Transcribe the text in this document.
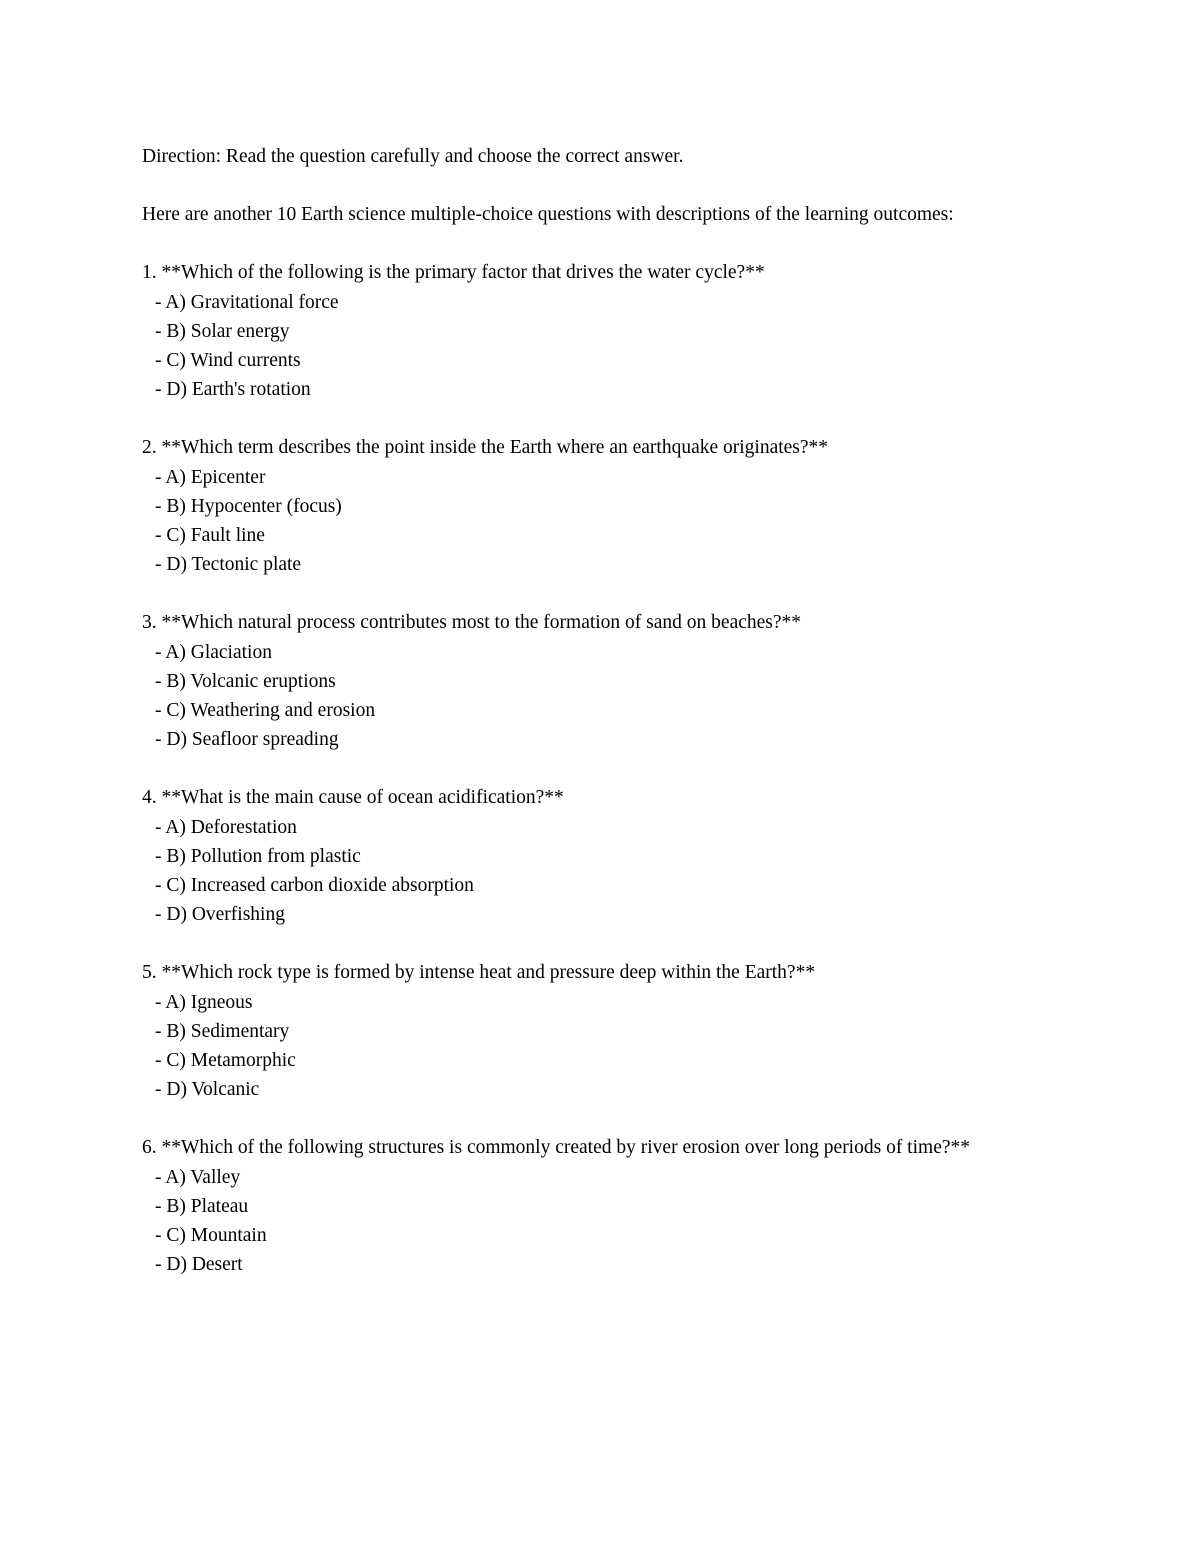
Direction: Read the question carefully and choose the correct answer.

Here are another 10 Earth science multiple-choice questions with descriptions of the learning outcomes:

1. **Which of the following is the primary factor that drives the water cycle?**
- A) Gravitational force
- B) Solar energy
- C) Wind currents
- D) Earth's rotation
2. **Which term describes the point inside the Earth where an earthquake originates?**
- A) Epicenter
- B) Hypocenter (focus)
- C) Fault line
- D) Tectonic plate
3. **Which natural process contributes most to the formation of sand on beaches?**
- A) Glaciation
- B) Volcanic eruptions
- C) Weathering and erosion
- D) Seafloor spreading
4. **What is the main cause of ocean acidification?**
- A) Deforestation
- B) Pollution from plastic
- C) Increased carbon dioxide absorption
- D) Overfishing
5. **Which rock type is formed by intense heat and pressure deep within the Earth?**
- A) Igneous
- B) Sedimentary
- C) Metamorphic
- D) Volcanic
6. **Which of the following structures is commonly created by river erosion over long periods of time?**
- A) Valley
- B) Plateau
- C) Mountain
- D) Desert
